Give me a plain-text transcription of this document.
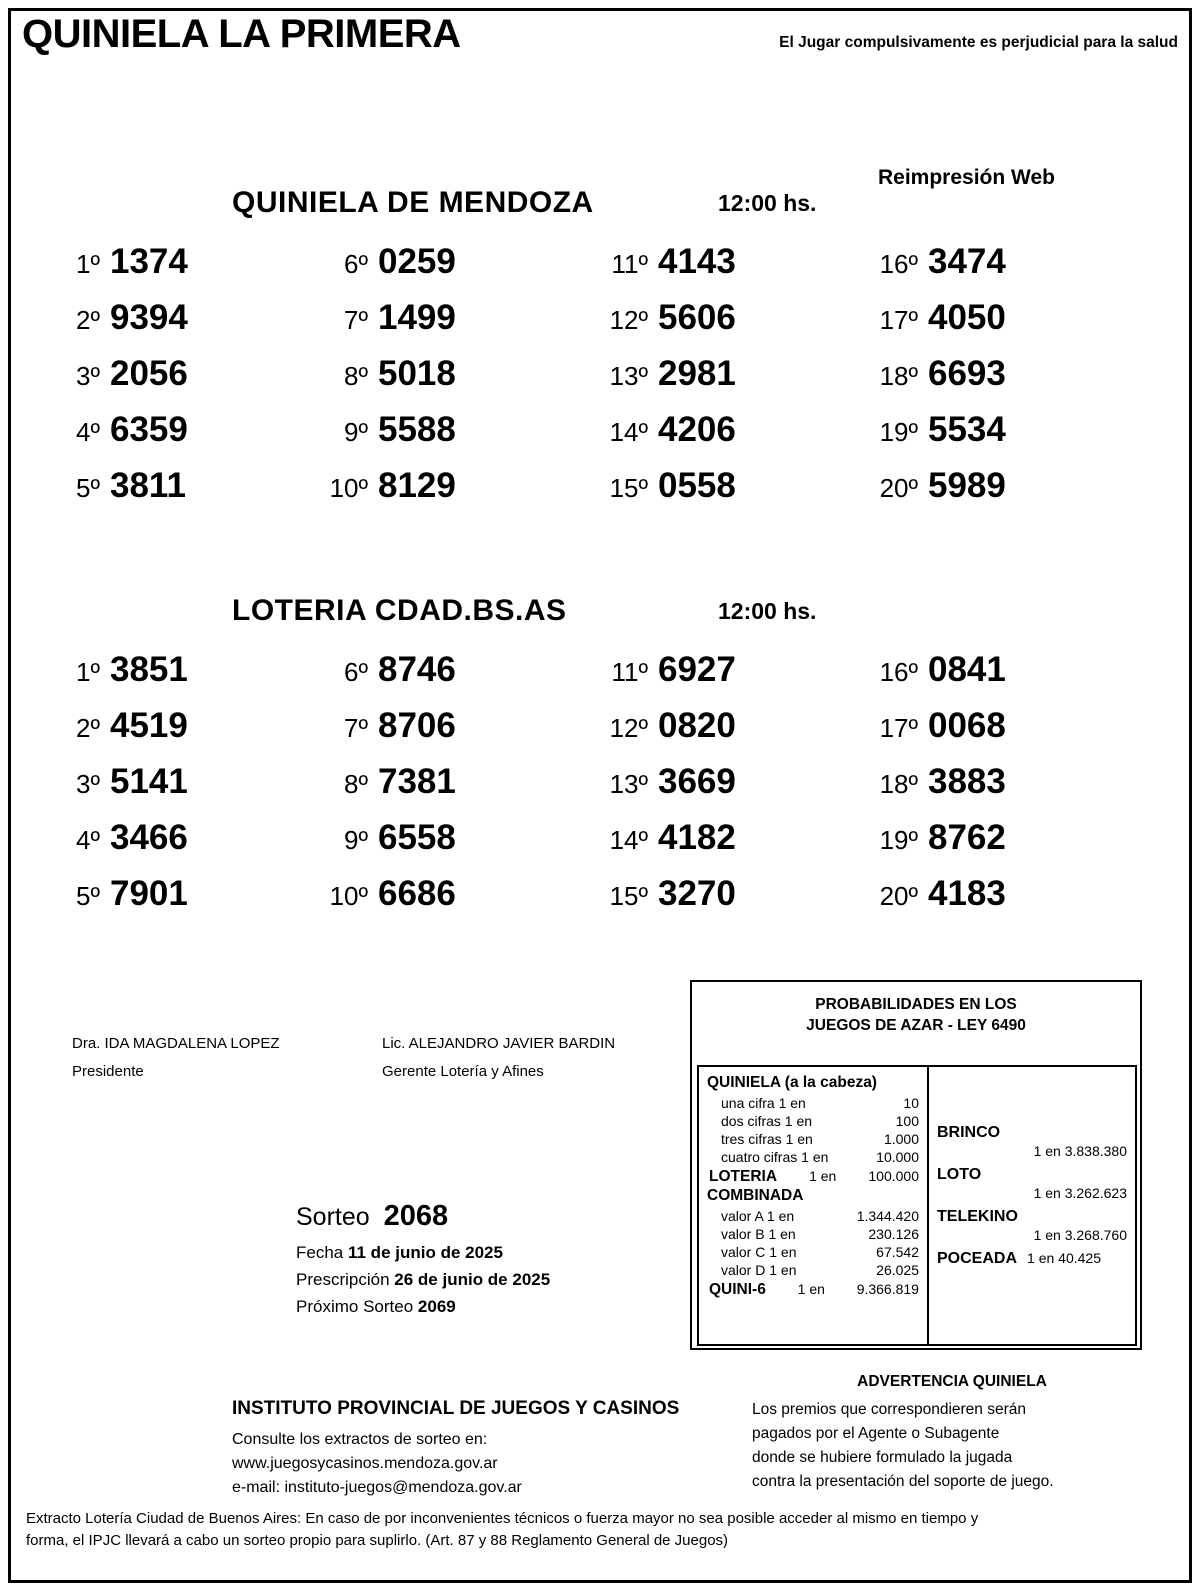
QUINIELA LA PRIMERA	El Jugar compulsivamente es perjudicial para la salud
Reimpresión Web
QUINIELA DE MENDOZA	12:00 hs.
1º 1374	6º 0259	11º 4143	16º 3474
2º 9394	7º 1499	12º 5606	17º 4050
3º 2056	8º 5018	13º 2981	18º 6693
4º 6359	9º 5588	14º 4206	19º 5534
5º 3811	10º 8129	15º 0558	20º 5989
LOTERIA CDAD.BS.AS	12:00 hs.
1º 3851	6º 8746	11º 6927	16º 0841
2º 4519	7º 8706	12º 0820	17º 0068
3º 5141	8º 7381	13º 3669	18º 3883
4º 3466	9º 6558	14º 4182	19º 8762
5º 7901	10º 6686	15º 3270	20º 4183
Dra. IDA MAGDALENA LOPEZ
Presidente
Lic. ALEJANDRO JAVIER BARDIN
Gerente Lotería y Afines
Sorteo 2068
Fecha 11 de junio de 2025
Prescripción 26 de junio de 2025
Próximo Sorteo 2069
PROBABILIDADES EN LOS
JUEGOS DE AZAR - LEY 6490
QUINIELA (a la cabeza)
una cifra 1 en	10
dos cifras 1 en	100
tres cifras 1 en	1.000
cuatro cifras 1 en	10.000
LOTERIA 1 en 100.000
COMBINADA
valor A 1 en	1.344.420
valor B 1 en	230.126
valor C 1 en	67.542
valor D 1 en	26.025
QUINI-6 1 en 9.366.819
BRINCO
1 en 3.838.380
LOTO
1 en 3.262.623
TELEKINO
1 en 3.268.760
POCEADA 1 en 40.425
ADVERTENCIA QUINIELA
Los premios que correspondieren serán
pagados por el Agente o Subagente
donde se hubiere formulado la jugada
contra la presentación del soporte de juego.
INSTITUTO PROVINCIAL DE JUEGOS Y CASINOS
Consulte los extractos de sorteo en:
www.juegosycasinos.mendoza.gov.ar
e-mail: instituto-juegos@mendoza.gov.ar
Extracto Lotería Ciudad de Buenos Aires: En caso de por inconvenientes técnicos o fuerza mayor no sea posible acceder al mismo en tiempo y
forma, el IPJC llevará a cabo un sorteo propio para suplirlo. (Art. 87 y 88 Reglamento General de Juegos)
